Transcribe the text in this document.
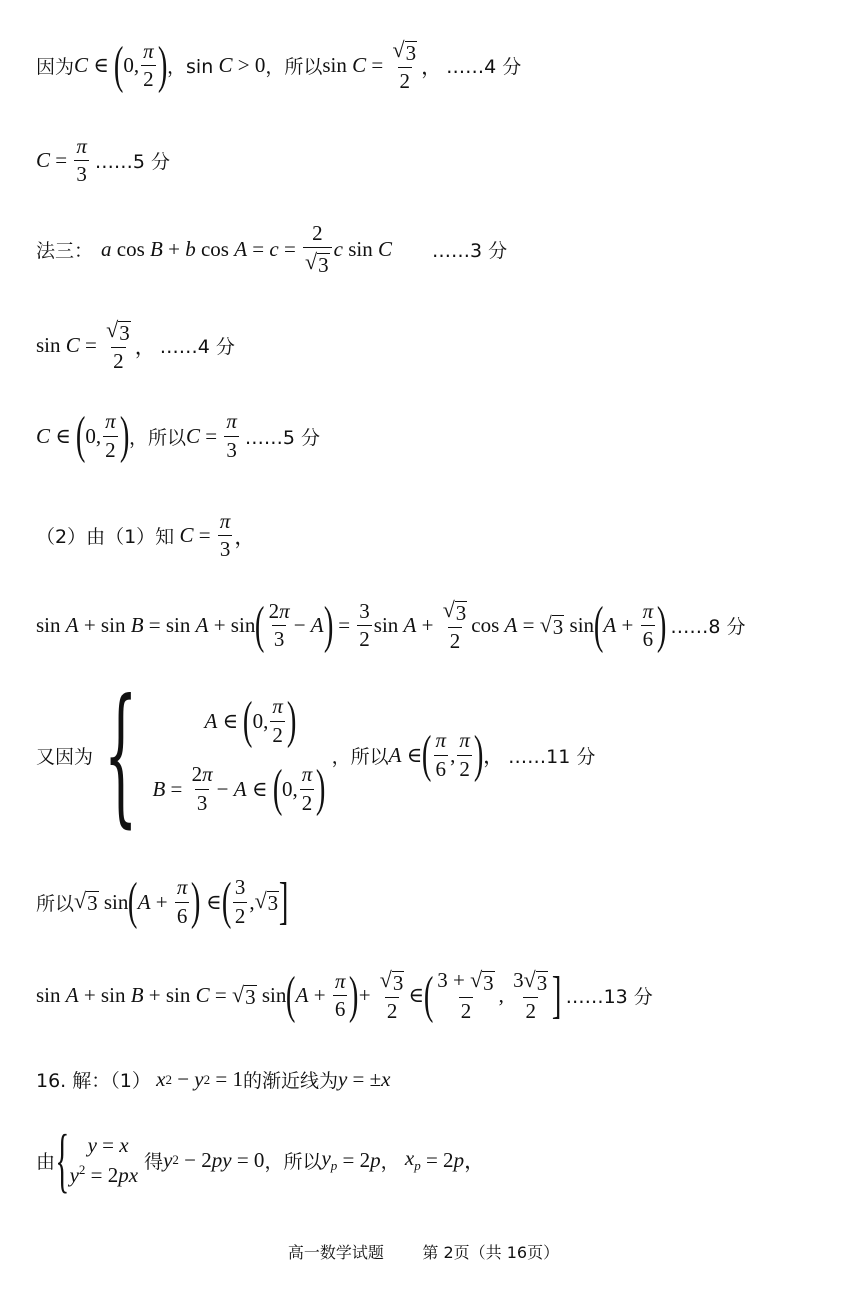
因为 C ∈ ( 0, $\frac{\pi}{2}$ ) ，sin
C > 0 ，所以 $\sin C = \frac{√ 3}{2}$ ， ……4 分
$C = \frac{\pi}{3}$ ……5 分
法三： a cos B + b $\cos A = c = \frac{2}{√ 3}$ c sin C ……3 分
$\sin C = \frac{√ 3}{2}$ ， ……4 分
C ∈ ( 0, $\frac{\pi}{2}$ ) ，所以 $C = \frac{\pi}{3}$ ……5 分
（2）由（1）知
$C = \frac{\pi}{3}$ ，
sin A + sin B = sin A + sin ( $\frac{2\pi}{3} - A$ ) = $\frac{3}{2}$ $\sin A + \frac{√ 3}{2}$ cos A = √ 3 sin ( $A + \frac{\pi}{6}$ ) ……8 分
又因为 {	A ∈ ( 0, $\frac{\pi}{2}$ )
$B = \frac{2\pi}{3} - A$ ∈ ( 0, $\frac{\pi}{2}$ )
，所以 A ∈ ( $\frac{\pi}{6}$ , $\frac{\pi}{2}$ ) ， ……11 分
所以 √ 3 sin ( $A + \frac{\pi}{6}$ ) ∈ ( $\frac{3}{2}$ , √ 3 ]
sin A + sin B + sin C = √ 3 sin ( $A + \frac{\pi}{6}$ ) + $\frac{√ 3}{2}$ ∈ ( $\frac{3 + √ 3}{2}$ , $\frac{3 √ 3}{2}$ ] ……13 分
16. 解：（1）
x 2 − y 2 = 1 的渐近线为 y = ± x
由 { y = x
$y^2 = 2px$
得 y 2 − 2 py = 0 ，所以 $y_p = 2$ p ，
$x_p = 2$ p ，
高一数学试题 第 2页（共 16页）
